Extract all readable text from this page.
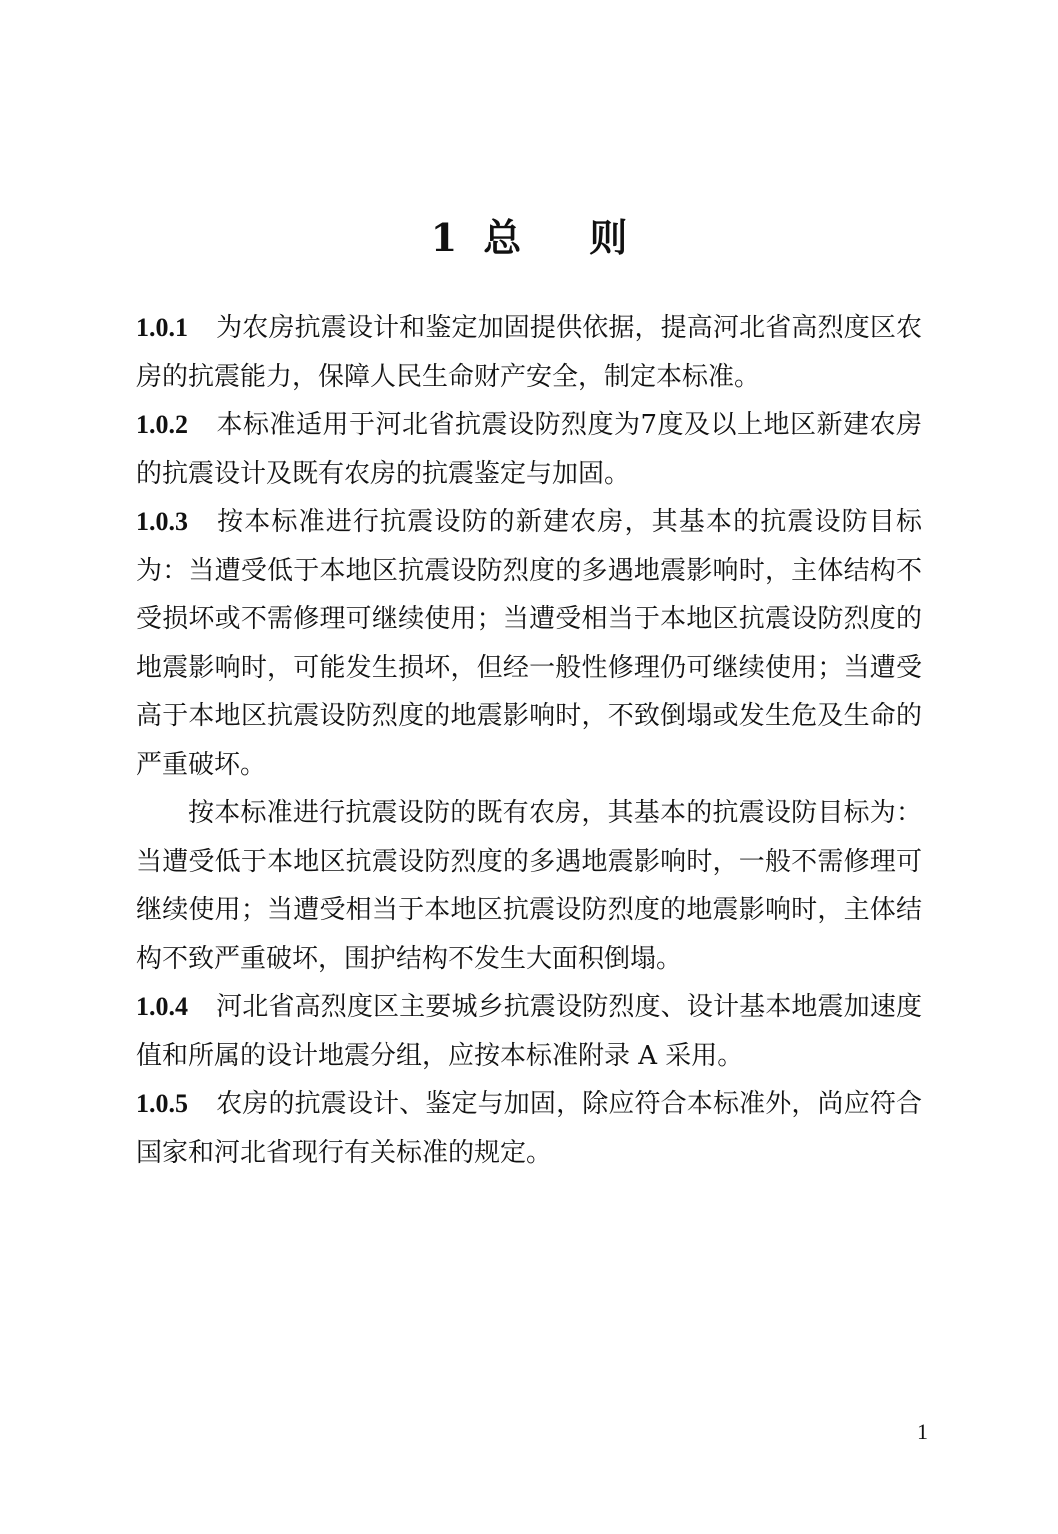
1 总则

1.0.1 为农房抗震设计和鉴定加固提供依据，提高河北省高烈度区农房的抗震能力，保障人民生命财产安全，制定本标准。

1.0.2 本标准适用于河北省抗震设防烈度为7度及以上地区新建农房的抗震设计及既有农房的抗震鉴定与加固。

1.0.3 按本标准进行抗震设防的新建农房，其基本的抗震设防目标为：当遭受低于本地区抗震设防烈度的多遇地震影响时，主体结构不受损坏或不需修理可继续使用；当遭受相当于本地区抗震设防烈度的地震影响时，可能发生损坏，但经一般性修理仍可继续使用；当遭受高于本地区抗震设防烈度的地震影响时，不致倒塌或发生危及生命的严重破坏。

按本标准进行抗震设防的既有农房，其基本的抗震设防目标为：当遭受低于本地区抗震设防烈度的多遇地震影响时，一般不需修理可继续使用；当遭受相当于本地区抗震设防烈度的地震影响时，主体结构不致严重破坏，围护结构不发生大面积倒塌。

1.0.4 河北省高烈度区主要城乡抗震设防烈度、设计基本地震加速度值和所属的设计地震分组，应按本标准附录 A 采用。

1.0.5 农房的抗震设计、鉴定与加固，除应符合本标准外，尚应符合国家和河北省现行有关标准的规定。

1
